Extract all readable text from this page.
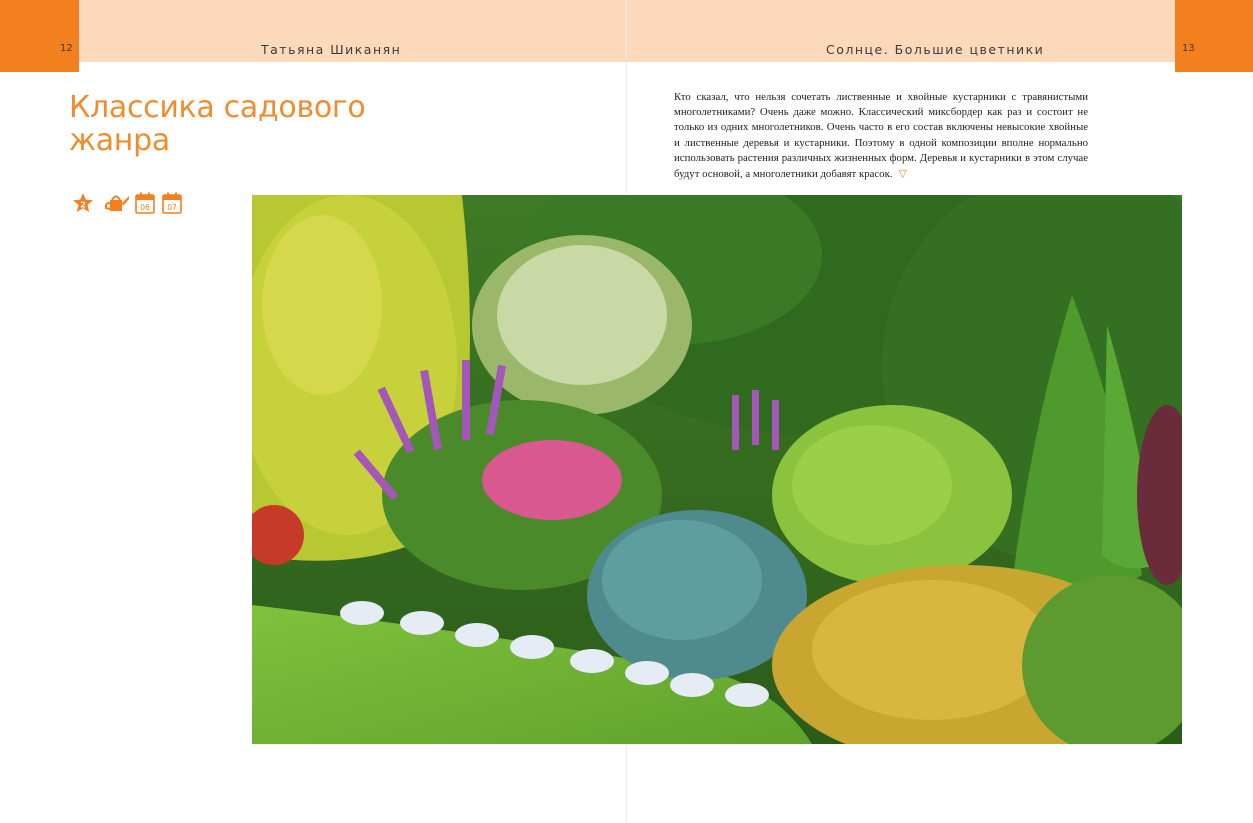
12	13
Татьяна Шиканян	Солнце. Большие цветники
Классика садового жанра
2	06 07

Кто сказал, что нельзя сочетать лиственные и хвойные кустарники с травянистыми многолетниками? Очень даже можно. Классический миксбордер как раз и состоит не только из одних многолетников. Очень часто в его состав включены невысокие хвойные и лиственные деревья и кустарники. Поэтому в одной композиции вполне нормально использовать растения различных жизненных форм. Деревья и кустарники в этом случае будут основой, а многолетники добавят красок. ▽
